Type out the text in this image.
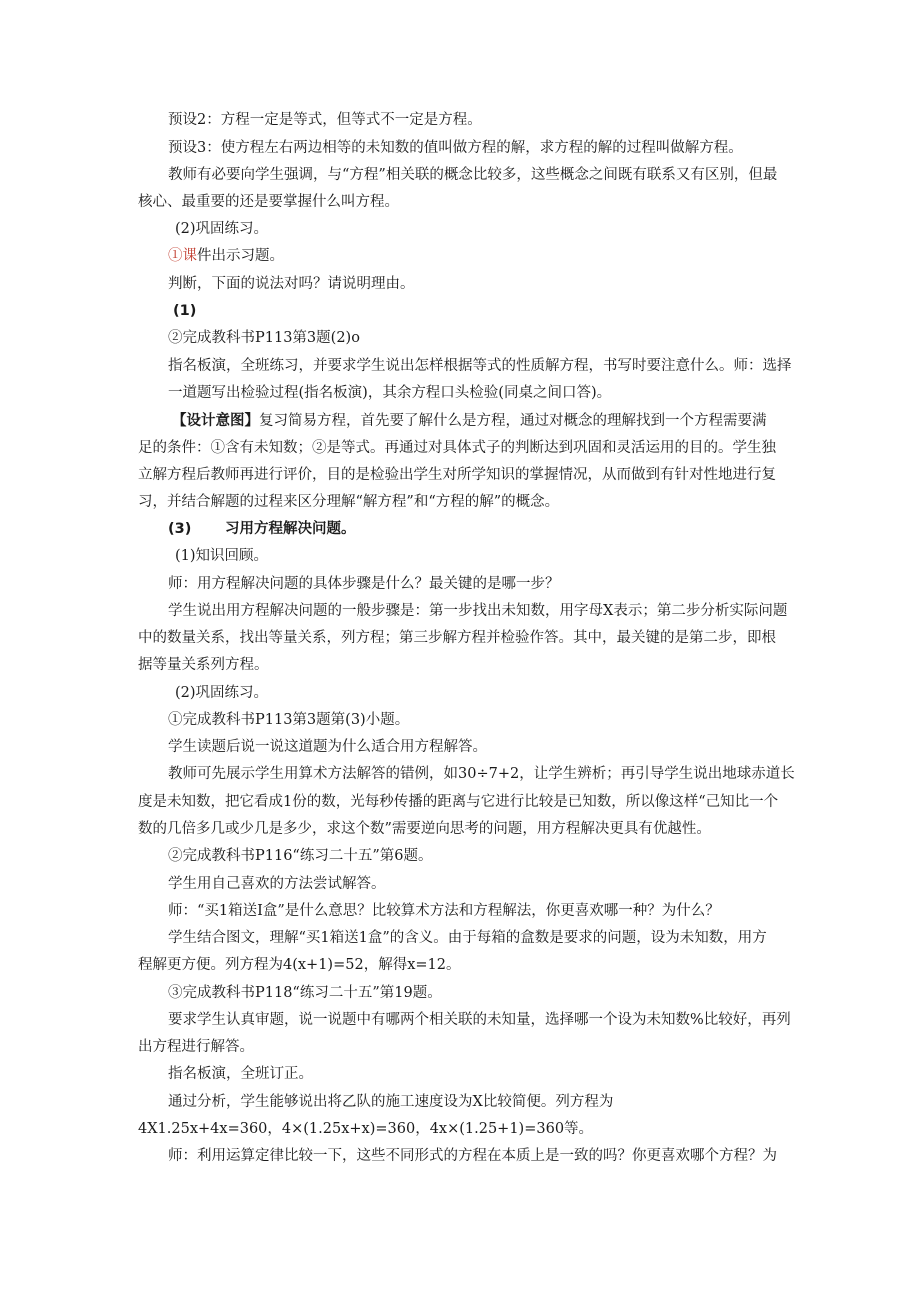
预设2：方程一定是等式，但等式不一定是方程。
预设3：使方程左右两边相等的未知数的值叫做方程的解，求方程的解的过程叫做解方程。
教师有必要向学生强调，与“方程”相关联的概念比较多，这些概念之间既有联系又有区别，但最
核心、最重要的还是要掌握什么叫方程。
(2)巩固练习。
①课件出示习题。
判断，下面的说法对吗？请说明理由。
(1)
②完成教科书P113第3题(2)o
指名板演，全班练习，并要求学生说出怎样根据等式的性质解方程，书写时要注意什么。师：选择
一道题写出检验过程(指名板演)，其余方程口头检验(同桌之间口答)。
【设计意图】复习简易方程，首先要了解什么是方程，通过对概念的理解找到一个方程需要满
足的条件：①含有未知数；②是等式。再通过对具体式子的判断达到巩固和灵活运用的目的。学生独
立解方程后教师再进行评价，目的是检验出学生对所学知识的掌握情况，从而做到有针对性地进行复
习，并结合解题的过程来区分理解“解方程”和“方程的解”的概念。
(3) 习用方程解决问题。
(1)知识回顾。
师：用方程解决问题的具体步骤是什么？最关键的是哪一步？
学生说出用方程解决问题的一般步骤是：第一步找出未知数，用字母X表示；第二步分析实际问题
中的数量关系，找出等量关系，列方程；第三步解方程并检验作答。其中，最关键的是第二步，即根
据等量关系列方程。
(2)巩固练习。
①完成教科书P113第3题第(3)小题。
学生读题后说一说这道题为什么适合用方程解答。
教师可先展示学生用算术方法解答的错例，如30÷7+2，让学生辨析；再引导学生说出地球赤道长
度是未知数，把它看成1份的数，光每秒传播的距离与它进行比较是已知数，所以像这样“己知比一个
数的几倍多几或少几是多少，求这个数”需要逆向思考的问题，用方程解决更具有优越性。
②完成教科书P116“练习二十五”第6题。
学生用自己喜欢的方法尝试解答。
师：“买1箱送I盒”是什么意思？比较算术方法和方程解法，你更喜欢哪一种？为什么？
学生结合图文，理解“买1箱送1盒”的含义。由于每箱的盒数是要求的问题，设为未知数，用方
程解更方便。列方程为4(x+1)=52，解得x=12。
③完成教科书P118“练习二十五”第19题。
要求学生认真审题，说一说题中有哪两个相关联的未知量，选择哪一个设为未知数%比较好，再列
出方程进行解答。
指名板演，全班订正。
通过分析，学生能够说出将乙队的施工速度设为X比较简便。列方程为
4X1.25x+4x=360，4×(1.25x+x)=360，4x×(1.25+1)=360等。
师：利用运算定律比较一下，这些不同形式的方程在本质上是一致的吗？你更喜欢哪个方程？为
